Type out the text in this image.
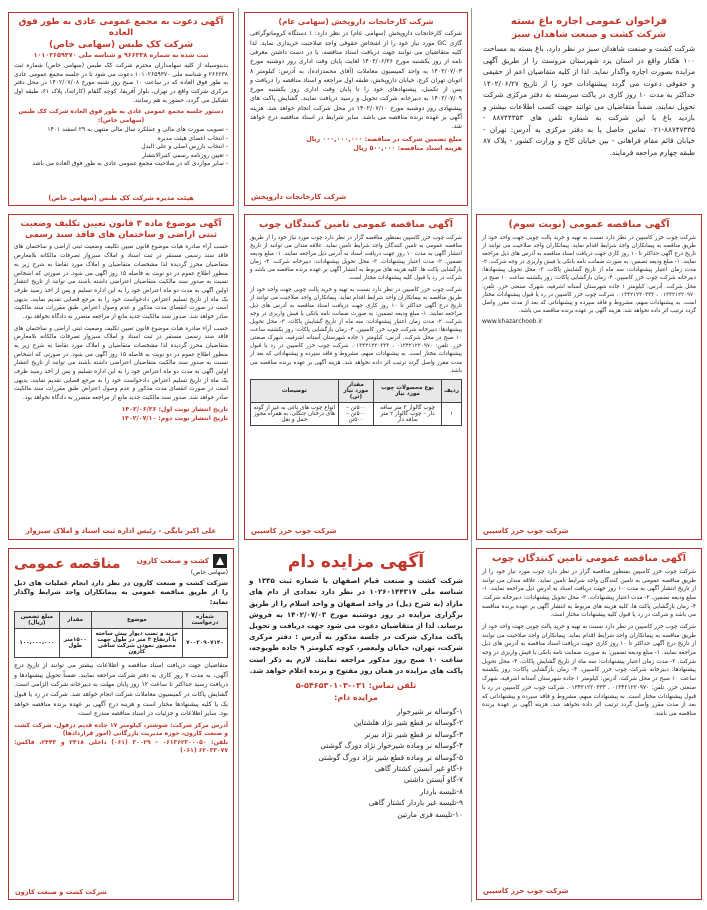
فراخوان عمومی اجاره باغ بسته
شرکت کشت و صنعت شاهدان سبز
شرکت کشت و صنعت شاهدان سبز در نظر دارد، باغ بسته به مساحت ۱۰۰ هکتار واقع در استان یزد شهرستان مروست را از طریق آگهی مزایده بصورت اجاره واگذار نماید. لذا از کلیه متقاضیان اعم از حقیقی و حقوقی دعوت می گردد پیشنهادات خود را از تاریخ ۱۴۰۲/۰۶/۲۷ حداکثر به مدت ۱۰ روز کاری در پاکت سربسته به دفتر مرکزی شرکت تحویل نمایند. ضمناً متقاضیان می توانند جهت کسب اطلاعات بیشتر و بازدید باغ با این شرکت به شماره تلفن های ۸۸۷۴۴۳۵۳ - ۸۸۷۴۷۳۳۵-۰۲۱ تماس حاصل یا به دفتر مرکزی به آدرس: تهران - خیابان قائم مقام فراهانی - بین خیابان کاج و وزارت کشور - پلاک ۸۷ طبقه چهارم مراجعه فرمایند.
آگهی مناقصه عمومی (نوبت سوم)
شرکت چوب خزر کاسپین در نظر دارد نسبت به تهیه و خرید پالت چوبی جهت واحد خود از طریق مناقصه به پیمانکاران واجد شرایط اقدام نماید. پیمانکاران واجد صلاحیت می توانند از تاریخ درج آگهی حداکثر تا ۱۰ روز کاری جهت دریافت اسناد مناقصه به آدرس های ذیل مراجعه نمایند. ۱- مبلغ ودیعه تضمین: به صورت ضمانت نامه بانکی یا فیش واریزی در وجه شرکت. ۲- مدت زمان اعتبار پیشنهادات: سه ماه از تاریخ گشایش پاکات. ۳- محل تحویل پیشنهادها: دبیرخانه شرکت چوب خزر کاسپین. ۴- زمان بازگشایی پاکات: روز یکشنبه ساعت ۱۰ صبح در محل شرکت. آدرس: کیلومتر ۱ جاده شهرستان آستانه اشرفیه، شهرک صنعتی خزر. تلفن: ۰۱۳۴۲۱۲۲۰۹۷۰ ، ۰۱۳۴۲۱۲۲۰۳۳۳. شرکت چوب خزر کاسپین در رد یا قبول پیشنهادات مختار است. به پیشنهادات مبهم، مشروط و فاقد سپرده و پیشنهاداتی که بعد از مدت مقرر واصل گردد ترتیب اثر داده نخواهد شد. هزینه آگهی بر عهده برنده مناقصه می باشد.
www.khazarchoob.ir
شرکت چوب خزر کاسپین
آگهی مناقصه عمومی تامین کنندگان چوب
شرکت چوب خزر کاسپین بمنظور مناقصه گزار در نظر دارد چوب مورد نیاز خود را از طریق مناقصه عمومی به تامین کنندگان واجد شرایط تامین نماید. علاقه مندان می توانند از تاریخ انتشار آگهی به مدت ۱۰ روز جهت دریافت اسناد به آدرس ذیل مراجعه نمایند. ۱- مبلغ ودیعه تضمین. ۲- مدت اعتبار پیشنهادات. ۳- محل تحویل پیشنهادات: دبیرخانه شرکت. ۴- زمان بازگشایی پاکت ها. کلیه هزینه های مربوط به انتشار آگهی بر عهده برنده مناقصه می باشد و شرکت در رد یا قبول کلیه پیشنهادات مختار است.
شرکت چوب خزر کاسپین در نظر دارد نسبت به تهیه و خرید پالت چوبی جهت واحد خود از طریق مناقصه به پیمانکاران واجد شرایط اقدام نماید. پیمانکاران واجد صلاحیت می توانند از تاریخ درج آگهی حداکثر تا ۱۰ روز کاری جهت دریافت اسناد مناقصه به آدرس های ذیل مراجعه نمایند. ۱- مبلغ ودیعه تضمین: به صورت ضمانت نامه بانکی یا فیش واریزی در وجه شرکت. ۲- مدت زمان اعتبار پیشنهادات: سه ماه از تاریخ گشایش پاکات. ۳- محل تحویل پیشنهادها: دبیرخانه شرکت چوب خزر کاسپین. ۴- زمان بازگشایی پاکات: روز یکشنبه ساعت ۱۰ صبح در محل شرکت. آدرس: کیلومتر ۱ جاده شهرستان آستانه اشرفیه، شهرک صنعتی خزر. تلفن: ۰۱۳۴۲۱۲۲۰۹۷۰ ، ۰۱۳۴۲۱۲۲۰۳۳۳. شرکت چوب خزر کاسپین در رد یا قبول پیشنهادات مختار است. به پیشنهادات مبهم، مشروط و فاقد سپرده و پیشنهاداتی که بعد از مدت مقرر واصل گردد ترتیب اثر داده نخواهد شد. هزینه آگهی بر عهده برنده مناقصه می باشد.
شرکت چوب خزر کاسپین
شرکت کارخانجات داروپخش (سهامی عام)
شرکت کارخانجات داروپخش (سهامی عام) در نظر دارد: ۱ دستگاه کروماتوگرافی گازی GC مورد نیاز خود را از اشخاص حقوقی واجد صلاحیت خریداری نماید. لذا کلیه متقاضیان می توانند جهت دریافت اسناد مناقصه، با در دست داشتن معرفی نامه از روز یکشنبه مورخ ۱۴۰۲/۰۶/۲۶ لغایت پایان وقت اداری روز دوشنبه مورخ ۱۴۰۲/۰۷/۰۳ به واحد کمیسیون معاملات (آقای محمدزاده)، به آدرس: کیلومتر ۸ اتوبان تهران کرج، خیابان داروپخش، طبقه اول مراجعه و اسناد مناقصه را دریافت و پس از تکمیل، پیشنهادهای خود را تا پایان وقت اداری روز یکشنبه مورخ ۱۴۰۲/۰۷/۰۹ به دبیرخانه شرکت تحویل و رسید دریافت نمایند. گشایش پاکت های پیشنهادی روز دوشنبه مورخ ۱۴۰۲/۰۷/۱۰ در محل شرکت انجام خواهد شد. هزینه آگهی بر عهده برنده مناقصه می باشد. سایر شرایط در اسناد مناقصه درج خواهد شد.
مبلغ تضمین شرکت در مناقصه: ۰۰۰,۰۰۰,۰۰۰ ریال
هزینه اسناد مناقصه: ۵۰۰,۰۰۰ ریال
شرکت کارخانجات داروپخش
آگهی مناقصه عمومی تامین کنندگان چوب
شرکت چوب خزر کاسپین بمنظور مناقصه گزار در نظر دارد چوب مورد نیاز خود را از طریق مناقصه عمومی به تامین کنندگان واجد شرایط تامین نماید. علاقه مندان می توانند از تاریخ انتشار آگهی به مدت ۱۰ روز جهت دریافت اسناد به آدرس ذیل مراجعه نمایند. ۱- مبلغ ودیعه تضمین. ۲- مدت اعتبار پیشنهادات. ۳- محل تحویل پیشنهادات: دبیرخانه شرکت. ۴- زمان بازگشایی پاکت ها. کلیه هزینه های مربوط به انتشار آگهی بر عهده برنده مناقصه می باشد و شرکت در رد یا قبول کلیه پیشنهادات مختار است.
شرکت چوب خزر کاسپین در نظر دارد نسبت به تهیه و خرید پالت چوبی جهت واحد خود از طریق مناقصه به پیمانکاران واجد شرایط اقدام نماید. پیمانکاران واجد صلاحیت می توانند از تاریخ درج آگهی حداکثر تا ۱۰ روز کاری جهت دریافت اسناد مناقصه به آدرس های ذیل مراجعه نمایند. ۱- مبلغ ودیعه تضمین: به صورت ضمانت نامه بانکی یا فیش واریزی در وجه شرکت. ۲- مدت زمان اعتبار پیشنهادات: سه ماه از تاریخ گشایش پاکات. ۳- محل تحویل پیشنهادها: دبیرخانه شرکت چوب خزر کاسپین. ۴- زمان بازگشایی پاکات: روز یکشنبه ساعت ۱۰ صبح در محل شرکت. آدرس: کیلومتر ۱ جاده شهرستان آستانه اشرفیه، شهرک صنعتی خزر. تلفن: ۰۱۳۴۲۱۲۲۰۹۷۰ ، ۰۱۳۴۲۱۲۲۰۳۳۳. شرکت چوب خزر کاسپین در رد یا قبول پیشنهادات مختار است. به پیشنهادات مبهم، مشروط و فاقد سپرده و پیشنهاداتی که بعد از مدت مقرر واصل گردد ترتیب اثر داده نخواهد شد. هزینه آگهی بر عهده برنده مناقصه می باشد.
ردیف	نوع محصولات چوب مورد نیاز	مقدار مورد نیاز (تن)	توضیحات
۱	چوب گالوار ۳ متر ساقه دار – چوب گالوار ۲ متر ساقه دار	۵۰۰تن – ۵۰۰تن – ۵۰۰تن	انواع چوب های باغی به غیر از گونه های درختان جنگلی، به همراه مجوز حمل و نقل
شرکت چوب خزر کاسپین
آگهی مزایده دام
شرکت کشت و صنعت قیام اصفهان با شماره ثبت ۱۳۳۵ و شناسه ملی ۱۰۲۶۰۱۴۴۳۱۷ در نظر دارد تعدادی از دام های مازاد (به شرح ذیل) در واحد اصفهان و واحد اسلام را از طریق برگزاری مزایده در روز دوشنبه مورخ ۱۴۰۲/۰۷/۰۳ به فروش برساند. لذا از متقاضیان دعوت می شود جهت دریافت و تحویل پاکت مدارک شرکت در جلسه مذکور به آدرس : دفتر مرکزی شرکت، تهران، خیابان ولیعصر، کوچه کیلومتر ۹ جاده طویوجه، ساعت ۱۰ صبح روز مذکور مراجعه نمایند. لازم به ذکر است پاکت های مزایده در همان روز مفتوح و برنده اعلام خواهد شد.
تلفن تماس: ۰۳۱-۵۴۶۵۳۰۱۰۳-۵
مزایده دام:
۱-گوساله نر شیرخوار
۲-گوساله نر قطع شیر نژاد هلشتاین
۳-گوساله نر قطع شیر نژاد بیرنر
۴-گوساله نر وماده شیرخوار نژاد دورگ گوشتی
۵-گوساله نر وماده قطع شیر نژاد دورگ گوشتی
۶-گاو غیر آبستن کشتار گاهی
۷-گاو آبستن داشتی
۸-تلیسه باردار
۹-تلیسه غیر باردار کشتار گاهی
۱۰-تلیسه فری مارتین
آگهی دعوت به مجمع عمومی عادی به طور فوق العاده
شرکت کک طبس (سهامی خاص)
ثبت شده به شماره ۹۶۶۲۳۸ و شناسه ملی ۱۰۱۰۲۶۵۹۳۷۰
بدینوسیله از کلیه سهامداران محترم شرکت کک طبس (سهامی خاص) شماره ثبت ۲۶۶۲۳۸ و شناسه ملی ۱۰۱۰۲۶۵۹۳۷۰ دعوت می شود تا در جلسه مجمع عمومی عادی به طور فوق العاده که در ساعت ۱۰ صبح روز شنبه مورخ ۱۴۰۲/۰۷/۰۸ در محل دفتر مرکزی شرکت واقع در تهران، بلوار آفریقا، کوچه گلفام (کاراته)، پلاک ۶۱، طبقه اول تشکیل می گردد، حضور به هم رسانند.
دستور جلسه مجمع عمومی عادی به طور فوق العاده شرکت کک طبس (سهامی خاص):
- تصویب صورت های مالی و عملکرد سال مالی منتهی به ۲۹ اسفند ۱۴۰۱
- انتخاب اعضای هیئت مدیره
- انتخاب بازرس اصلی و علی البدل
- تعیین روزنامه رسمی کثیرالانتشار
- سایر مواردی که در صلاحیت مجمع عمومی عادی به طور فوق العاده می باشد
هیئت مدیره شرکت کک طبس (سهامی خاص)
آگهی موضوع ماده ۳ قانون تعیین تکلیف وضعیت ثبتی اراضی و ساختمان های فاقد سند رسمی
حسب آراء صادره هیات موضوع قانون تعیین تکلیف وضعیت ثبتی اراضی و ساختمان های فاقد سند رسمی مستقر در ثبت اسناد و املاک سبزوار تصرفات مالکانه بلامعارض متقاضیان محرز گردیده لذا مشخصات متقاضیان و املاک مورد تقاضا به شرح زیر به منظور اطلاع عموم در دو نوبت به فاصله ۱۵ روز آگهی می شود. در صورتی که اشخاص نسبت به صدور سند مالکیت متقاضیان اعتراضی داشته باشند می توانند از تاریخ انتشار اولین آگهی به مدت دو ماه اعتراض خود را به این اداره تسلیم و پس از اخذ رسید ظرف یک ماه از تاریخ تسلیم اعتراض دادخواست خود را به مرجع قضایی تقدیم نمایند. بدیهی است در صورت انقضای مدت مذکور و عدم وصول اعتراض طبق مقررات سند مالکیت صادر خواهد شد. صدور سند مالکیت جدید مانع از مراجعه متضرر به دادگاه نخواهد بود.
حسب آراء صادره هیات موضوع قانون تعیین تکلیف وضعیت ثبتی اراضی و ساختمان های فاقد سند رسمی مستقر در ثبت اسناد و املاک سبزوار تصرفات مالکانه بلامعارض متقاضیان محرز گردیده لذا مشخصات متقاضیان و املاک مورد تقاضا به شرح زیر به منظور اطلاع عموم در دو نوبت به فاصله ۱۵ روز آگهی می شود. در صورتی که اشخاص نسبت به صدور سند مالکیت متقاضیان اعتراضی داشته باشند می توانند از تاریخ انتشار اولین آگهی به مدت دو ماه اعتراض خود را به این اداره تسلیم و پس از اخذ رسید ظرف یک ماه از تاریخ تسلیم اعتراض دادخواست خود را به مرجع قضایی تقدیم نمایند. بدیهی است در صورت انقضای مدت مذکور و عدم وصول اعتراض طبق مقررات سند مالکیت صادر خواهد شد. صدور سند مالکیت جدید مانع از مراجعه متضرر به دادگاه نخواهد بود.
تاریخ انتشار نوبت اول: ۱۴۰۲/۰۶/۲۶
تاریخ انتشار نوبت دوم: ۱۴۰۲/۰۷/۱۰
علی اکبر بایگی - رئیس اداره ثبت اسناد و املاک سبزوار
کشت و صنعت کارون
(سهامی خاص)
مناقصه عمومی
شرکت کشت و صنعت کارون در نظر دارد انجام عملیات های ذیل را از طریق مناقصه عمومی به پیمانکاران واجد شرایط واگذار نماید:
شماره درخواست	موضوع	مقدار	مبلغ تضمین (ریال)
۷۰۰۲۰۹۰۷۱۴۰	خرید و نصب دیوار پیش ساخته با ارتفاع ۳ متر در طول جهت محصور نمودن شرکت ساقی کارون	۱۵۰۰متر طول	۱۰۰،۰۰۰،۰۰۰
متقاضیان جهت دریافت اسناد مناقصه و اطلاعات بیشتر می توانند از تاریخ درج آگهی، به مدت ۷ روز کاری به دفتر شرکت مراجعه نمایند. ضمناً تحویل پیشنهادها و دریافت رسید حداکثر تا ساعت ۱۲ روز پایان مهلت به دبیرخانه شرکت الزامی است. گشایش پاکات در کمیسیون معاملات شرکت انجام خواهد شد. شرکت در رد یا قبول یک یا کلیه پیشنهادها مختار است و هزینه درج آگهی بر عهده برنده مناقصه خواهد بود. سایر اطلاعات و جزئیات در اسناد مناقصه مندرج است.
آدرس مرکز شرکت: شوشتر، کیلومتر ۱۷ جاده قدیم دزفول، شرکت کشت و صنعت کارون، حوزه مدیریت بازرگانی (امور قراردادها)
تلفن: ۰۶۱۳۶۲۳۰۰۰۵۰ - ۳۰۰۲۹ (۰۶۱) داخلی ۲۴۱۸ و ۲۴۴۳، فاکس: ۶۲۰۳۳۰۷۷ (۰۶۱)
شرکت کشت و صنعت کارون
